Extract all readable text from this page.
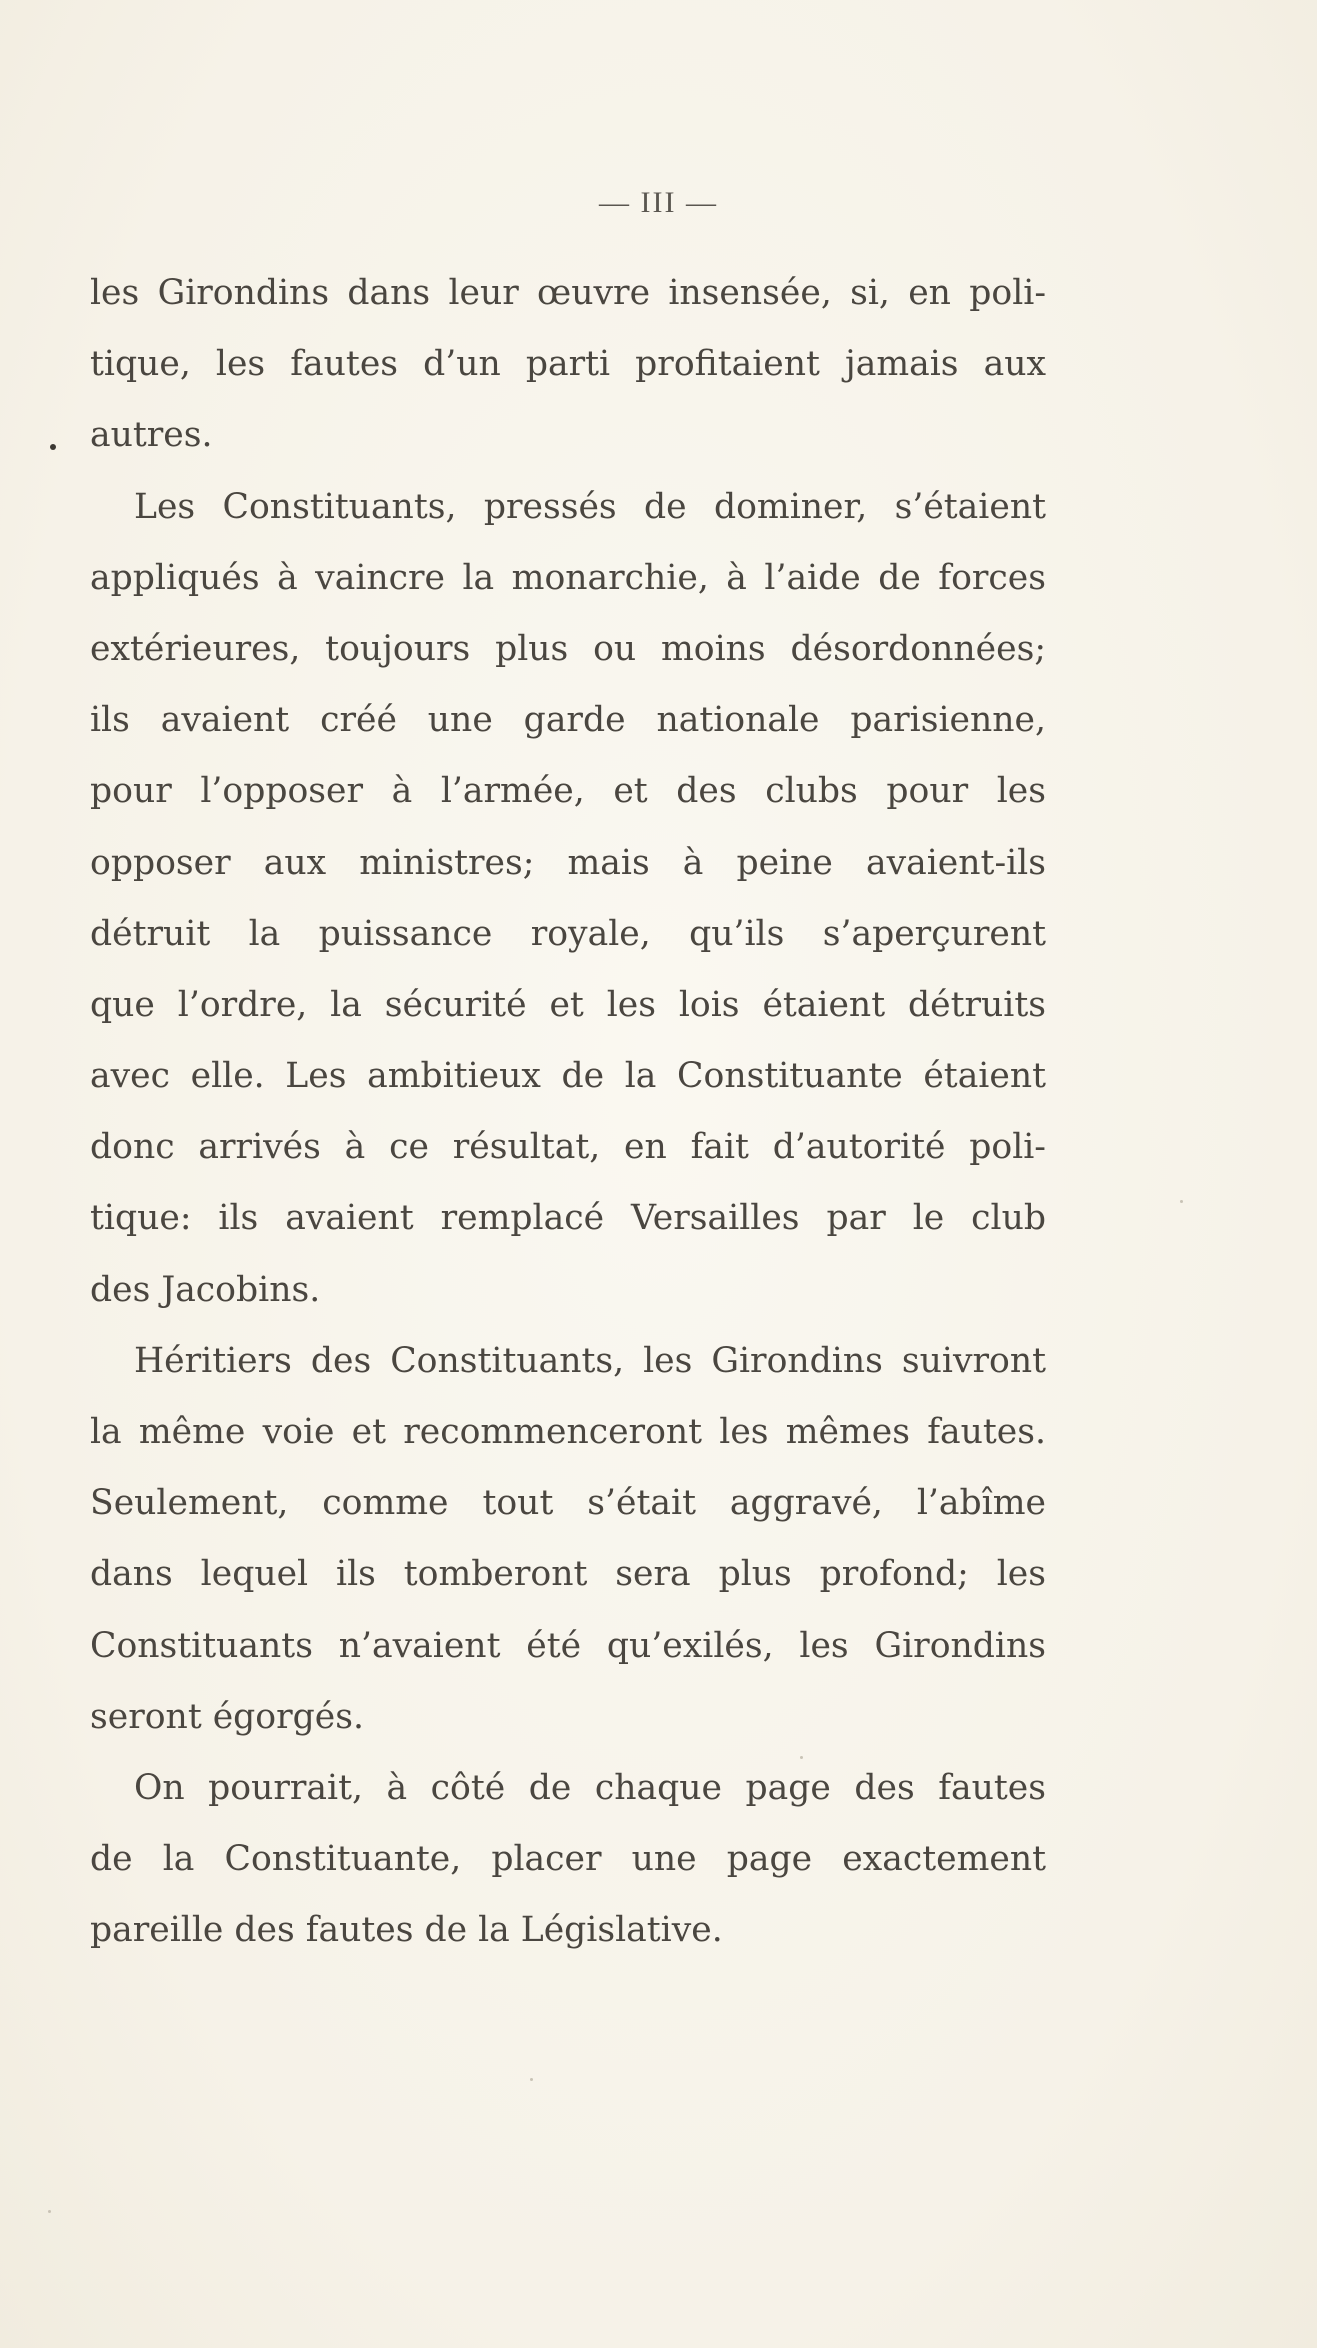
— III —
les Girondins dans leur œuvre insensée, si, en poli-
tique, les fautes d’un parti profitaient jamais aux
autres.
Les Constituants, pressés de dominer, s’étaient
appliqués à vaincre la monarchie, à l’aide de forces
extérieures, toujours plus ou moins désordonnées;
ils avaient créé une garde nationale parisienne,
pour l’opposer à l’armée, et des clubs pour les
opposer aux ministres; mais à peine avaient-ils
détruit la puissance royale, qu’ils s’aperçurent
que l’ordre, la sécurité et les lois étaient détruits
avec elle. Les ambitieux de la Constituante étaient
donc arrivés à ce résultat, en fait d’autorité poli-
tique: ils avaient remplacé Versailles par le club
des Jacobins.
Héritiers des Constituants, les Girondins suivront
la même voie et recommenceront les mêmes fautes.
Seulement, comme tout s’était aggravé, l’abîme
dans lequel ils tomberont sera plus profond; les
Constituants n’avaient été qu’exilés, les Girondins
seront égorgés.
On pourrait, à côté de chaque page des fautes
de la Constituante, placer une page exactement
pareille des fautes de la Législative.
